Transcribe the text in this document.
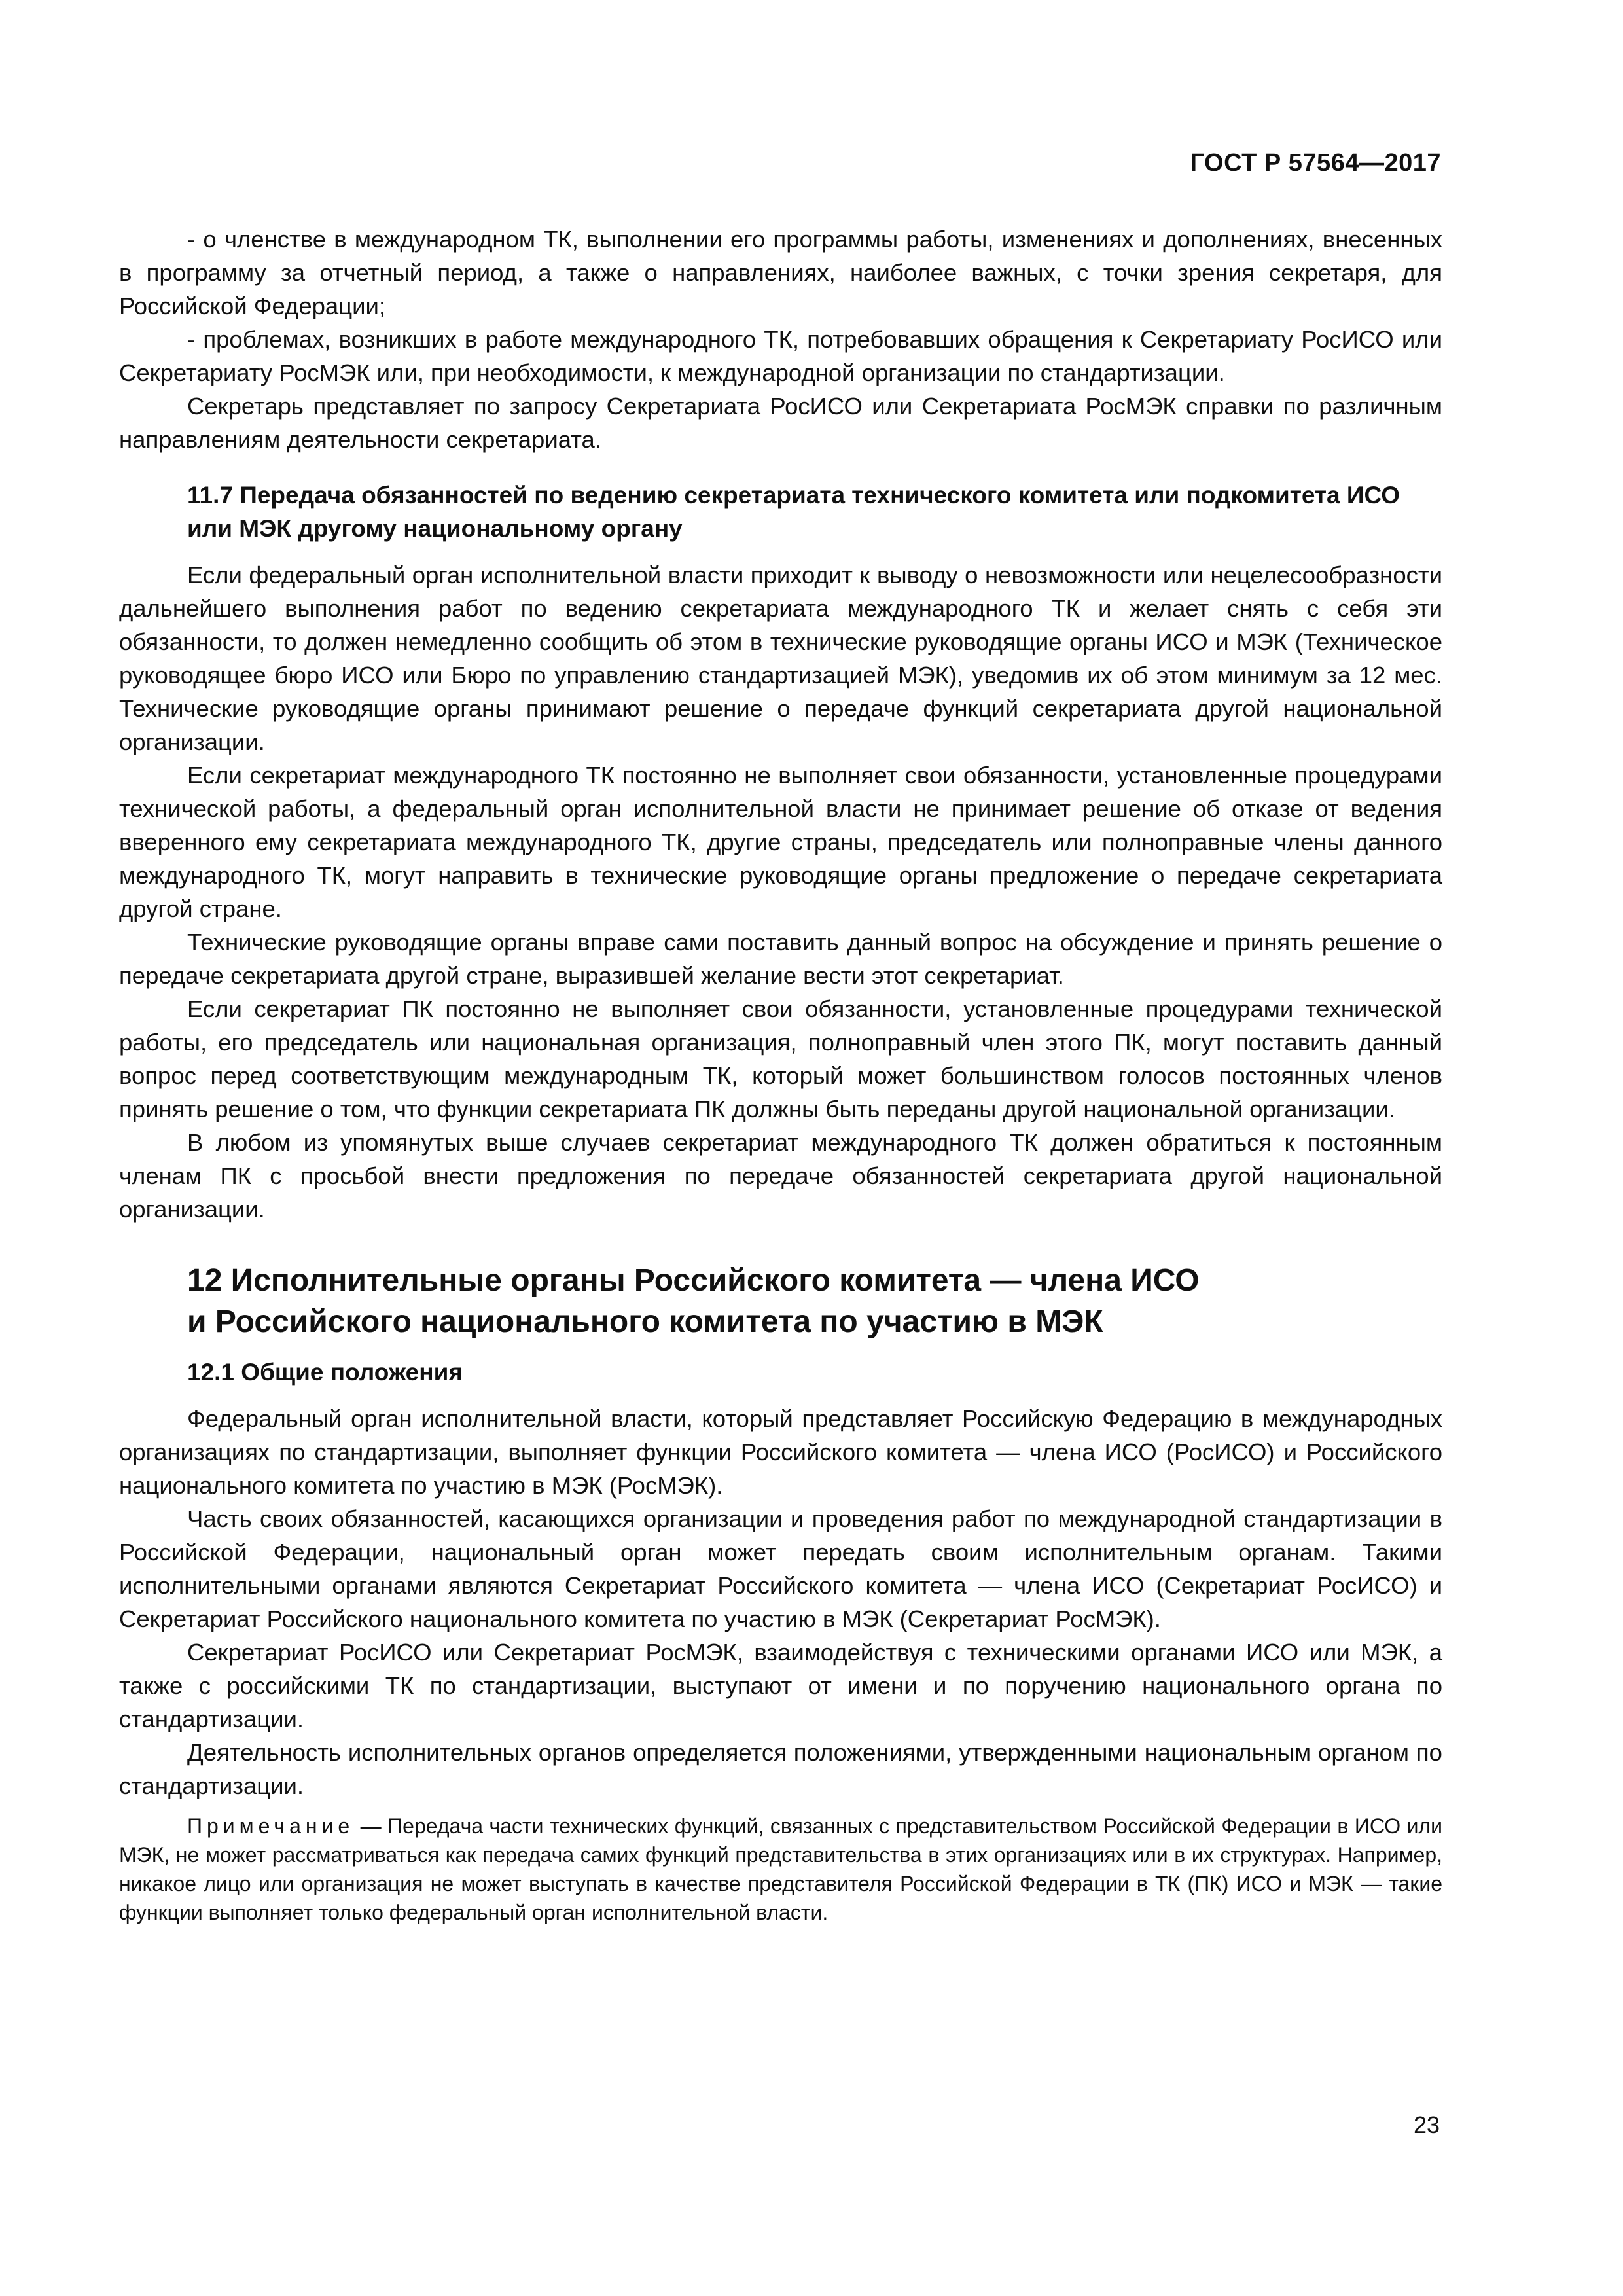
ГОСТ Р 57564—2017

- о членстве в международном ТК, выполнении его программы работы, изменениях и дополнениях, внесенных в программу за отчетный период, а также о направлениях, наиболее важных, с точки зрения секретаря, для Российской Федерации;

- проблемах, возникших в работе международного ТК, потребовавших обращения к Секретариату РосИСО или Секретариату РосМЭК или, при необходимости, к международной организации по стандартизации.

Секретарь представляет по запросу Секретариата РосИСО или Секретариата РосМЭК справки по различным направлениям деятельности секретариата.

11.7 Передача обязанностей по ведению секретариата технического комитета или подкомитета ИСО или МЭК другому национальному органу

Если федеральный орган исполнительной власти приходит к выводу о невозможности или нецелесообразности дальнейшего выполнения работ по ведению секретариата международного ТК и желает снять с себя эти обязанности, то должен немедленно сообщить об этом в технические руководящие органы ИСО и МЭК (Техническое руководящее бюро ИСО или Бюро по управлению стандартизацией МЭК), уведомив их об этом минимум за 12 мес. Технические руководящие органы принимают решение о передаче функций секретариата другой национальной организации.

Если секретариат международного ТК постоянно не выполняет свои обязанности, установленные процедурами технической работы, а федеральный орган исполнительной власти не принимает решение об отказе от ведения вверенного ему секретариата международного ТК, другие страны, председатель или полноправные члены данного международного ТК, могут направить в технические руководящие органы предложение о передаче секретариата другой стране.

Технические руководящие органы вправе сами поставить данный вопрос на обсуждение и принять решение о передаче секретариата другой стране, выразившей желание вести этот секретариат.

Если секретариат ПК постоянно не выполняет свои обязанности, установленные процедурами технической работы, его председатель или национальная организация, полноправный член этого ПК, могут поставить данный вопрос перед соответствующим международным ТК, который может большинством голосов постоянных членов принять решение о том, что функции секретариата ПК должны быть переданы другой национальной организации.

В любом из упомянутых выше случаев секретариат международного ТК должен обратиться к постоянным членам ПК с просьбой внести предложения по передаче обязанностей секретариата другой национальной организации.

12 Исполнительные органы Российского комитета — члена ИСО
и Российского национального комитета по участию в МЭК
12.1 Общие положения

Федеральный орган исполнительной власти, который представляет Российскую Федерацию в международных организациях по стандартизации, выполняет функции Российского комитета — члена ИСО (РосИСО) и Российского национального комитета по участию в МЭК (РосМЭК).

Часть своих обязанностей, касающихся организации и проведения работ по международной стандартизации в Российской Федерации, национальный орган может передать своим исполнительным органам. Такими исполнительными органами являются Секретариат Российского комитета — члена ИСО (Секретариат РосИСО) и Секретариат Российского национального комитета по участию в МЭК (Секретариат РосМЭК).

Секретариат РосИСО или Секретариат РосМЭК, взаимодействуя с техническими органами ИСО или МЭК, а также с российскими ТК по стандартизации, выступают от имени и по поручению национального органа по стандартизации.

Деятельность исполнительных органов определяется положениями, утвержденными национальным органом по стандартизации.

Примечание — Передача части технических функций, связанных с представительством Российской Федерации в ИСО или МЭК, не может рассматриваться как передача самих функций представительства в этих организациях или в их структурах. Например, никакое лицо или организация не может выступать в качестве представителя Российской Федерации в ТК (ПК) ИСО и МЭК — такие функции выполняет только федеральный орган исполнительной власти.

23
